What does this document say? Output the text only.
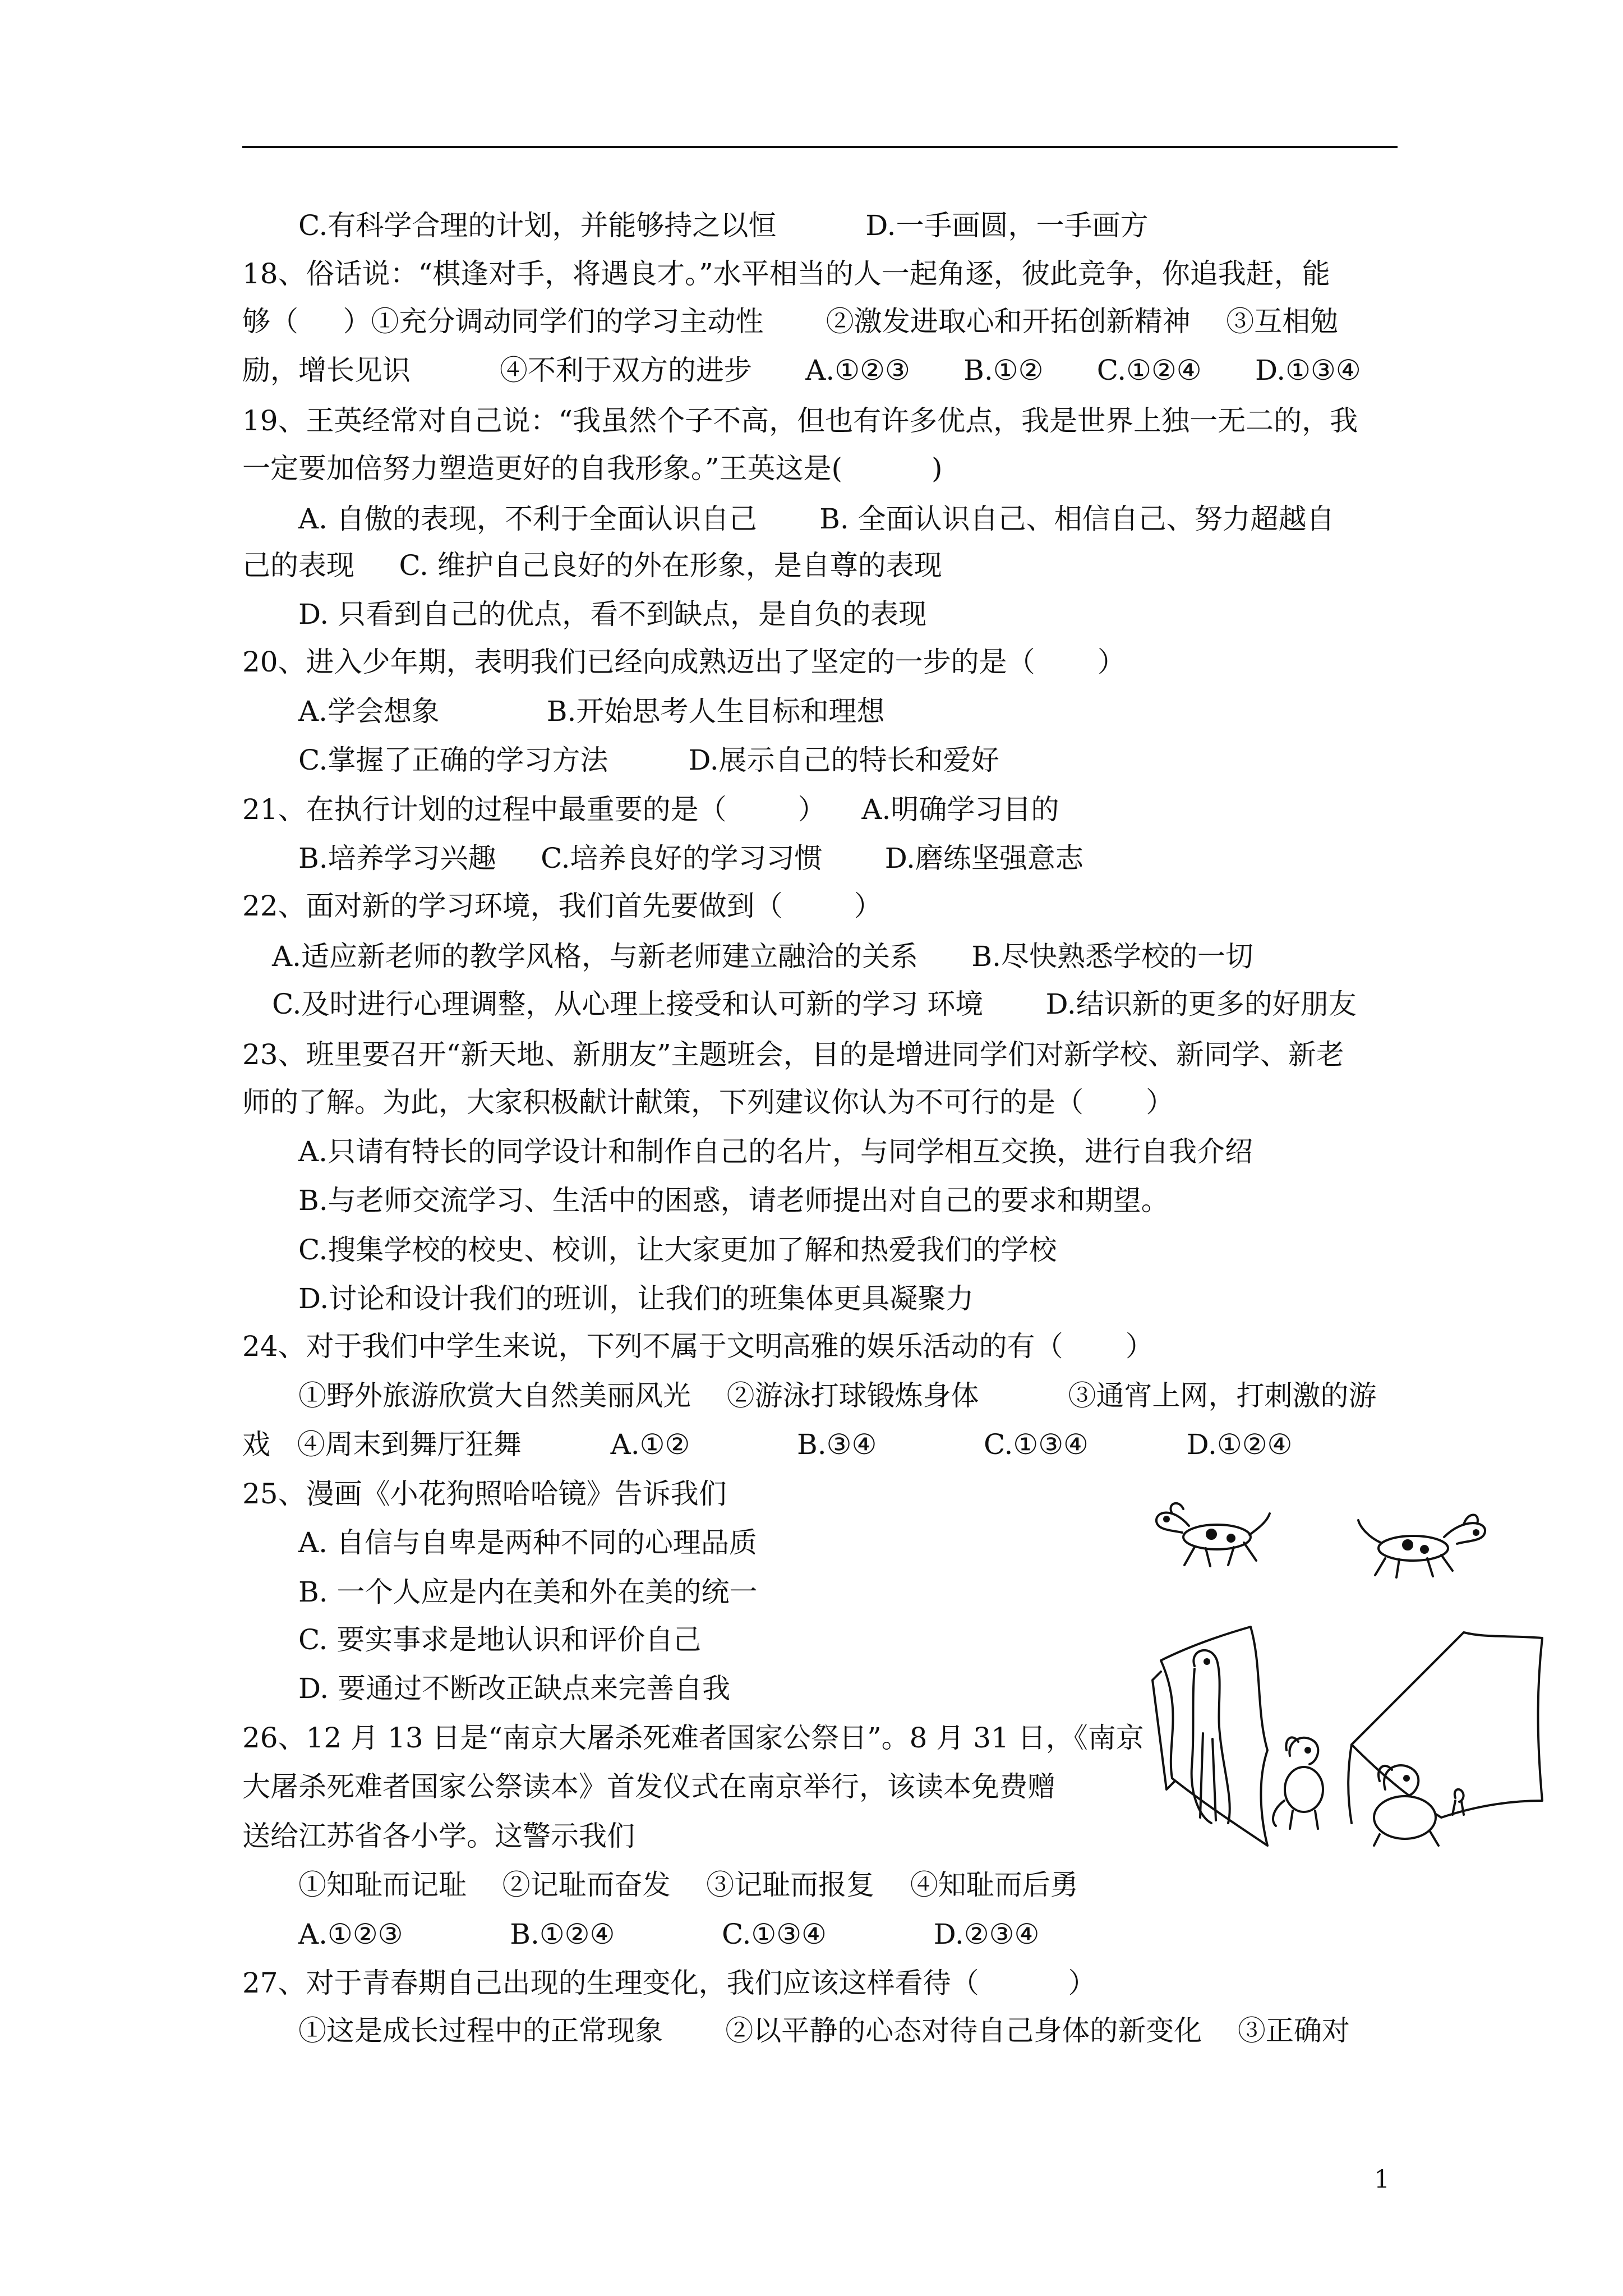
C.有科学合理的计划，并能够持之以恒          D.一手画圆，一手画方
18、俗话说：“棋逢对手，将遇良才。”水平相当的人一起角逐，彼此竞争，你追我赶，能
够（     ）①充分调动同学们的学习主动性       ②激发进取心和开拓创新精神    ③互相勉
励，增长见识          ④不利于双方的进步      A.①②③      B.①②      C.①②④      D.①③④
19、王英经常对自己说：“我虽然个子不高，但也有许多优点，我是世界上独一无二的，我
一定要加倍努力塑造更好的自我形象。”王英这是(          )
A. 自傲的表现，不利于全面认识自己       B. 全面认识自己、相信自己、努力超越自
己的表现     C. 维护自己良好的外在形象，是自尊的表现
D. 只看到自己的优点，看不到缺点，是自负的表现
20、进入少年期，表明我们已经向成熟迈出了坚定的一步的是（       ）
A.学会想象            B.开始思考人生目标和理想
C.掌握了正确的学习方法         D.展示自己的特长和爱好
21、在执行计划的过程中最重要的是（        ）    A.明确学习目的
B.培养学习兴趣     C.培养良好的学习习惯       D.磨练坚强意志
22、面对新的学习环境，我们首先要做到（        ）
A.适应新老师的教学风格，与新老师建立融洽的关系      B.尽快熟悉学校的一切
C.及时进行心理调整，从心理上接受和认可新的学习 环境       D.结识新的更多的好朋友
23、班里要召开“新天地、新朋友”主题班会，目的是增进同学们对新学校、新同学、新老
师的了解。为此，大家积极献计献策，下列建议你认为不可行的是（       ）
A.只请有特长的同学设计和制作自己的名片，与同学相互交换，进行自我介绍
B.与老师交流学习、生活中的困惑，请老师提出对自己的要求和期望。
C.搜集学校的校史、校训，让大家更加了解和热爱我们的学校
D.讨论和设计我们的班训，让我们的班集体更具凝聚力
24、对于我们中学生来说，下列不属于文明高雅的娱乐活动的有（       ）
①野外旅游欣赏大自然美丽风光    ②游泳打球锻炼身体          ③通宵上网，打刺激的游
戏   ④周末到舞厅狂舞          A.①②            B.③④            C.①③④           D.①②④
25、漫画《小花狗照哈哈镜》告诉我们
A. 自信与自卑是两种不同的心理品质
B. 一个人应是内在美和外在美的统一
C. 要实事求是地认识和评价自己
D. 要通过不断改正缺点来完善自我
26、12 月 13 日是“南京大屠杀死难者国家公祭日”。8 月 31 日，《南京
大屠杀死难者国家公祭读本》首发仪式在南京举行，该读本免费赠
送给江苏省各小学。这警示我们
①知耻而记耻    ②记耻而奋发    ③记耻而报复    ④知耻而后勇
A.①②③            B.①②④            C.①③④            D.②③④
27、对于青春期自己出现的生理变化，我们应该这样看待（          ）
①这是成长过程中的正常现象       ②以平静的心态对待自己身体的新变化    ③正确对
1
